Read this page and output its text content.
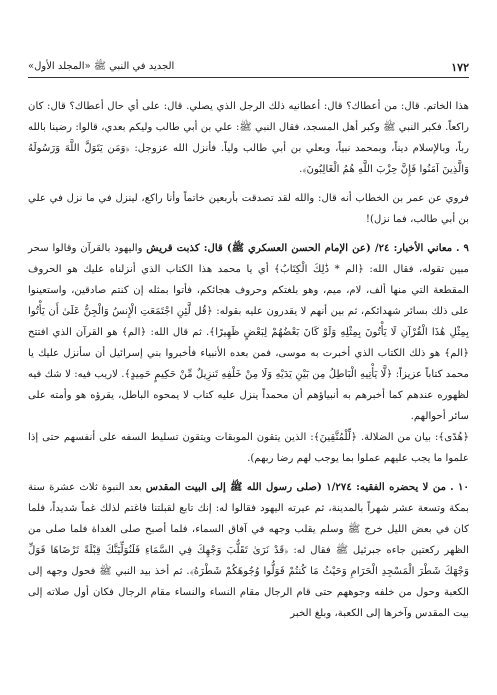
١٧٢
الجديد في النبي ﷺ «المجلد الأول»

هذا الخاتم. قال: من أعطاك؟ قال: أعطانيه ذلك الرجل الذي يصلي. قال: على أي حال أعطاك؟ قال: كان راكعاً. فكبر النبي ﷺ وكبر أهل المسجد، فقال النبي ﷺ: علي بن أبي طالب وليكم بعدي، قالوا: رضينا بالله رباً، وبالإسلام ديناً، وبمحمد نبياً، وبعلي بن أبي طالب ولياً. فأنزل الله عزوجل: ﴿وَمَن يَتَوَلَّ اللَّهَ وَرَسُولَهُ وَالَّذِينَ آمَنُوا فَإِنَّ حِزْبَ اللَّهِ هُمُ الْغَالِبُونَ﴾.

فروي عن عمر بن الخطاب أنه قال: والله لقد تصدقت بأربعين خاتماً وأنا راكع، لينزل في ما نزل في علي بن أبي طالب، فما نزل)!

٩ . معاني الأخبار: ٢٤/ (عن الإمام الحسن العسكري ﷺ) قال: كذبت قريش واليهود بالقرآن وقالوا سحر مبين تقوله، فقال الله: ﴿الم * ذَٰلِكَ الْكِتَابُ﴾ أي يا محمد هذا الكتاب الذي أنزلناه عليك هو الحروف المقطعة التي منها ألف، لام، ميم، وهو بلغتكم وحروف هجائكم، فأتوا بمثله إن كنتم صادقين، واستعينوا على ذلك بسائر شهدائكم، ثم بين أنهم لا يقدرون عليه بقوله: ﴿قُل لَّئِنِ اجْتَمَعَتِ الْإِنسُ وَالْجِنُّ عَلَىٰ أَن يَأْتُوا بِمِثْلِ هَٰذَا الْقُرْآنِ لَا يَأْتُونَ بِمِثْلِهِ وَلَوْ كَانَ بَعْضُهُمْ لِبَعْضٍ ظَهِيرًا﴾. ثم قال الله: ﴿الم﴾ هو القرآن الذي افتتح ﴿الم﴾ هو ذلك الكتاب الذي أخبرت به موسى، فمن بعده الأنبياء فأخبروا بني إسرائيل أن سأنزل عليك يا محمد كتاباً عزيزاً: ﴿لَّا يَأْتِيهِ الْبَاطِلُ مِن بَيْنِ يَدَيْهِ وَلَا مِنْ خَلْفِهِ تَنزِيلٌ مِّنْ حَكِيمٍ حَمِيدٍ﴾. لاريب فيه: لا شك فيه لظهوره عندهم كما أخبرهم به أنبياؤهم أن محمداً ينزل عليه كتاب لا يمحوه الباطل، يقرؤه هو وأمته على سائر أحوالهم.

﴿هُدًى﴾: بيان من الضلالة. ﴿لِّلْمُتَّقِينَ﴾: الذين يتقون الموبقات ويتقون تسليط السفه على أنفسهم حتى إذا علموا ما يجب عليهم عملوا بما يوجب لهم رضا ربهم).

١٠ . من لا يحضره الفقيه: ١/٢٧٤ (صلى رسول الله ﷺ إلى البيت المقدس بعد النبوة ثلاث عشرة سنة بمكة وتسعة عشر شهراً بالمدينة، ثم عيرته اليهود فقالوا له: إنك تابع لقبلتنا فاغتم لذلك غماً شديداً، فلما كان في بعض الليل خرج ﷺ وسلم يقلب وجهه في آفاق السماء، فلما أصبح صلى الغداة فلما صلى من الظهر ركعتين جاءه جبرئيل ﷺ فقال له: ﴿قَدْ نَرَىٰ تَقَلُّبَ وَجْهِكَ فِي السَّمَاءِ فَلَنُوَلِّيَنَّكَ قِبْلَةً تَرْضَاهَا فَوَلِّ وَجْهَكَ شَطْرَ الْمَسْجِدِ الْحَرَامِ وَحَيْثُ مَا كُنتُمْ فَوَلُّوا وُجُوهَكُمْ شَطْرَهُ﴾. ثم أخذ بيد النبي ﷺ فحول وجهه إلى الكعبة وحول من خلفه وجوههم حتى قام الرجال مقام النساء والنساء مقام الرجال فكان أول صلاته إلى بيت المقدس وآخرها إلى الكعبة، وبلغ الخبر
